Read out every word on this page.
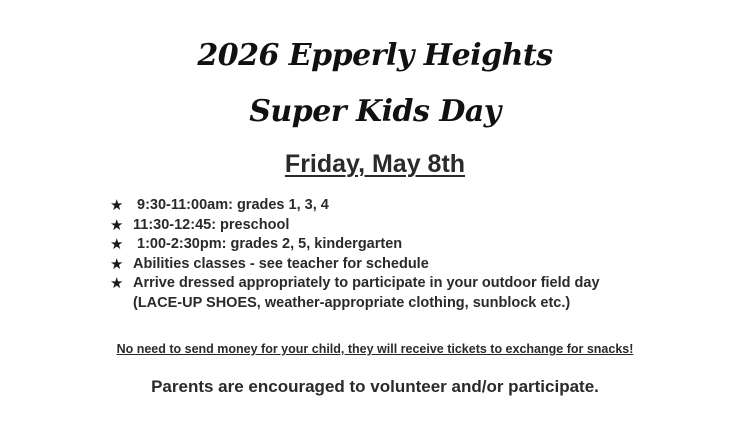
2026 Epperly Heights
Super Kids Day
Friday, May 8th
★ 9:30-11:00am: grades 1, 3, 4
★ 11:30-12:45: preschool
★ 1:00-2:30pm: grades 2, 5, kindergarten
★ Abilities classes - see teacher for schedule
★ Arrive dressed appropriately to participate in your outdoor field day
(LACE-UP SHOES, weather-appropriate clothing, sunblock etc.)
No need to send money for your child, they will receive tickets to exchange for snacks!
Parents are encouraged to volunteer and/or participate.
